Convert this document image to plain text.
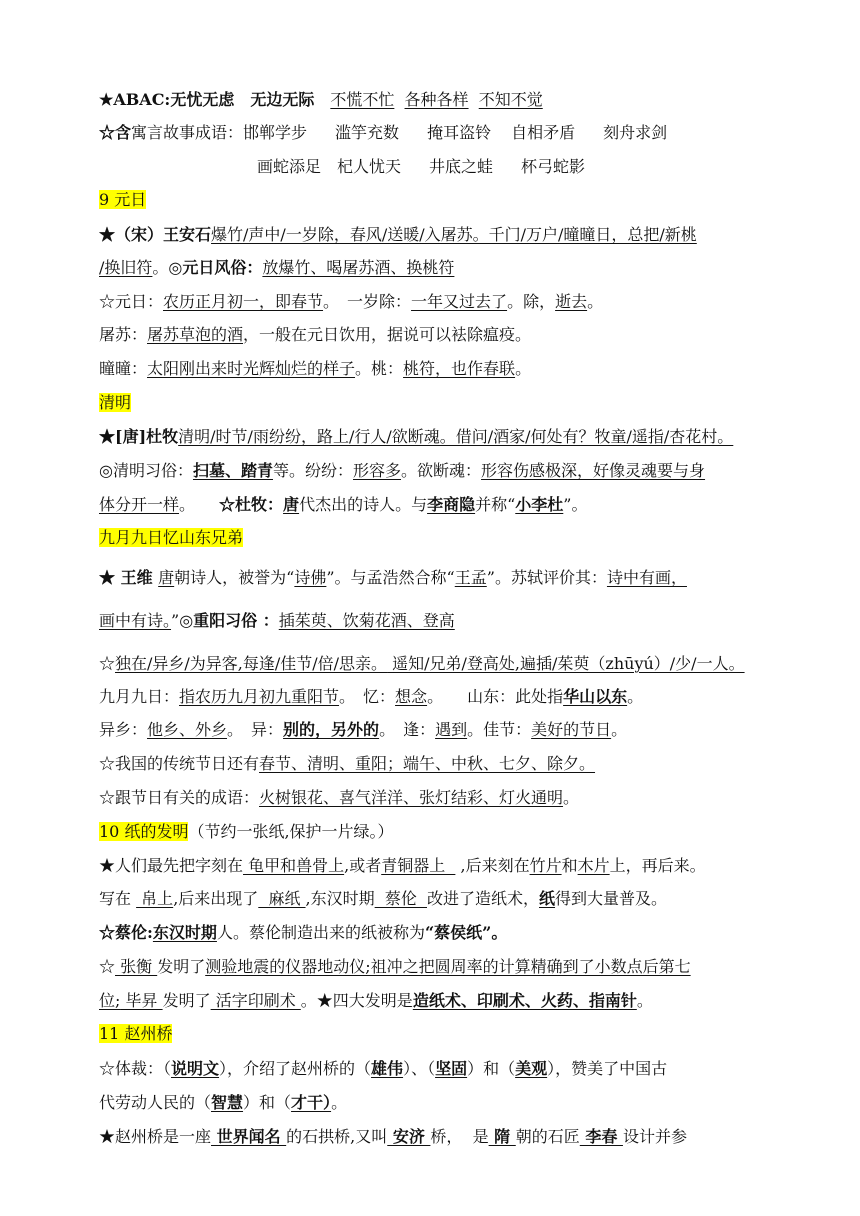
★ABAC:无忧无虑　无边无际　不慌不忙 各种各样 不知不觉
☆含寓言故事成语：邯郸学步 滥竽充数 掩耳盗铃 自相矛盾 刻舟求剑
画蛇添足 杞人忧天 井底之蛙 杯弓蛇影
9 元日
★（宋）王安石爆竹/声中/一岁除，春风/送暖/入屠苏。千门/万户/曈曈日，总把/新桃
/换旧符。◎元日风俗：放爆竹、喝屠苏酒、换桃符
☆元日：农历正月初一，即春节。　一岁除：一年又过去了。除，逝去。
屠苏：屠苏草泡的酒，一般在元日饮用，据说可以袪除瘟疫。
曈曈：太阳刚出来时光辉灿烂的样子。桃：桃符，也作春联。
清明
★[唐]杜牧清明/时节/雨纷纷，路上/行人/欲断魂。借问/酒家/何处有？牧童/遥指/杏花村。
◎清明习俗：扫墓、踏青等。纷纷：形容多。欲断魂：形容伤感极深，好像灵魂要与身
体分开一样。　　☆杜牧：唐代杰出的诗人。与李商隐并称“小李杜”。
九月九日忆山东兄弟
★ 王维 唐朝诗人，被誉为“诗佛”。与孟浩然合称“王孟”。苏轼评价其：诗中有画，
画中有诗。”◎重阳习俗 ：插茱萸、饮菊花酒、登高
☆独在/异乡/为异客,每逢/佳节/倍/思亲。 遥知/兄弟/登高处,遍插/茱萸（zhūyú）/少/一人。
九月九日：指农历九月初九重阳节。　忆：想念。　　山东：此处指华山以东。
异乡：他乡、外乡。　异：别的，另外的。　逢：遇到。佳节：美好的节日。
☆我国的传统节日还有春节、清明、重阳；端午、中秋、七夕、除夕。
☆跟节日有关的成语：火树银花、喜气洋洋、张灯结彩、灯火通明。
10 纸的发明（节约一张纸,保护一片绿。）
★人们最先把字刻在 龟甲和兽骨上,或者青铜器上   ,后来刻在竹片和木片上，再后来。
写在  帛上,后来出现了  麻纸 ,东汉时期  蔡伦  改进了造纸术，纸得到大量普及。
☆蔡伦:东汉时期人。蔡伦制造出来的纸被称为“蔡侯纸”。
☆ 张衡 发明了测验地震的仪器地动仪;祖冲之把圆周率的计算精确到了小数点后第七
位; 毕昇 发明了 活字印刷术 。★四大发明是造纸术、印刷术、火药、指南针。
11 赵州桥
☆体裁：（说明文），介绍了赵州桥的（雄伟）、（坚固）和（美观），赞美了中国古
代劳动人民的（智慧）和（才干）。
★赵州桥是一座 世界闻名 的石拱桥,又叫 安济 桥，  是 隋 朝的石匠 李春 设计并参
